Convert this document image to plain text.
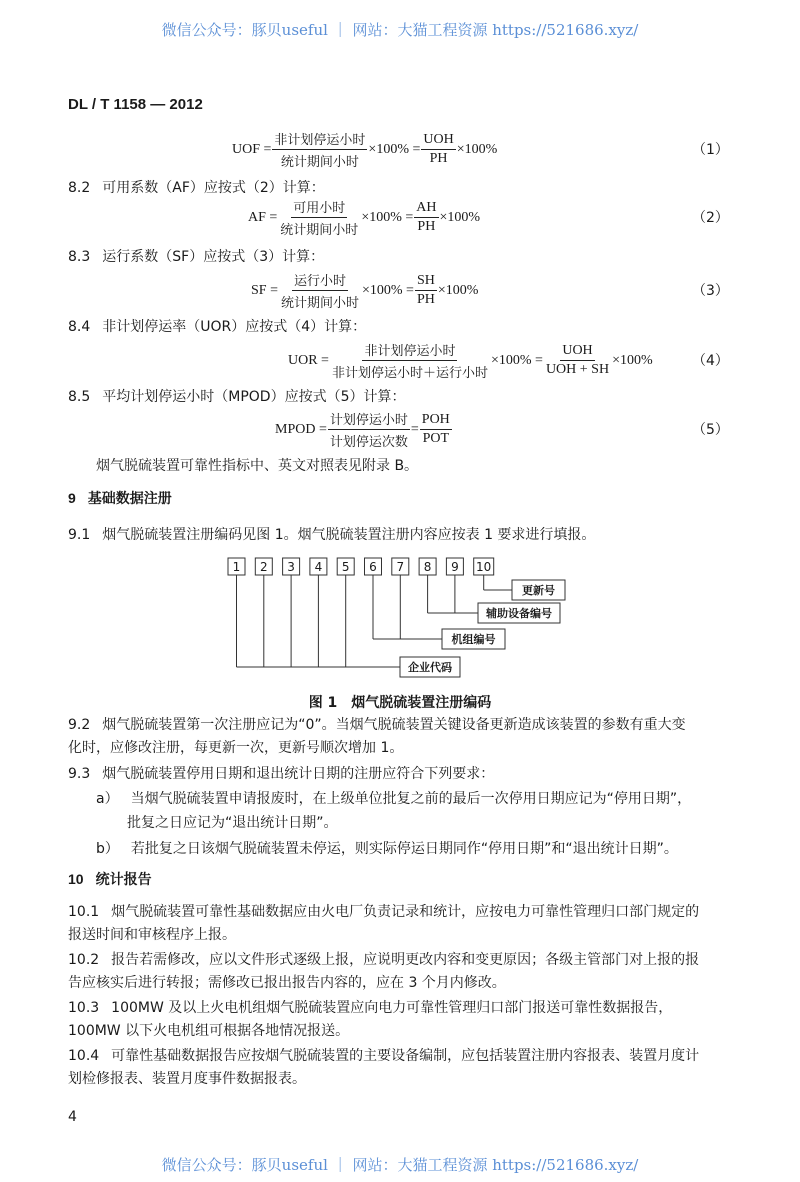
微信公众号：豚贝useful ｜ 网站：大猫工程资源 https://521686.xyz/
DL / T 1158 — 2012
UOF = $\frac{\text{非计划停运小时}}{\text{统计期间小时}} \times 100\% = \frac{\text{UOH}}{PH} \times 100\%$	（1）
AF = $\frac{\text{可用小时}}{\text{统计期间小时}} \times 100\% = \frac{AH}{PH} \times 100\%$	（2）
SF = $\frac{\text{运行小时}}{\text{统计期间小时}} \times 100\% = \frac{SH}{PH} \times 100\%$	（3）
UOR = $\frac{\text{非计划停运小时}}{\text{非计划停运小时＋运行小时}} \times 100\% = \frac{\text{UOH}}{\text{UOH + SH}} \times 100\%$	（4）
MPOD = $\frac{\text{计划停运小时}}{\text{计划停运次数}} = \frac{\text{POH}}{\text{POT}}$	（5）
8.2 可用系数（AF）应按式（2）计算：
8.3 运行系数（SF）应按式（3）计算：
8.4 非计划停运率（UOR）应按式（4）计算：
8.5 平均计划停运小时（MPOD）应按式（5）计算：
烟气脱硫装置可靠性指标中、英文对照表见附录 B。
9 基础数据注册
9.1 烟气脱硫装置注册编码见图 1。烟气脱硫装置注册内容应按表 1 要求进行填报。
图 1　烟气脱硫装置注册编码
1 2 3 4 5 6 7 8 9 10
企业代码
机组编号
辅助设备编号
更新号
9.2 烟气脱硫装置第一次注册应记为“0”。当烟气脱硫装置关键设备更新造成该装置的参数有重大变
化时，应修改注册，每更新一次，更新号顺次增加 1。
9.3 烟气脱硫装置停用日期和退出统计日期的注册应符合下列要求：
a） 当烟气脱硫装置申请报废时，在上级单位批复之前的最后一次停用日期应记为“停用日期”，
批复之日应记为“退出统计日期”。
b） 若批复之日该烟气脱硫装置未停运，则实际停运日期同作“停用日期”和“退出统计日期”。
10 统计报告
10.1 烟气脱硫装置可靠性基础数据应由火电厂负责记录和统计，应按电力可靠性管理归口部门规定的
报送时间和审核程序上报。
10.2 报告若需修改，应以文件形式逐级上报，应说明更改内容和变更原因；各级主管部门对上报的报
告应核实后进行转报；需修改已报出报告内容的，应在 3 个月内修改。
10.3 100MW 及以上火电机组烟气脱硫装置应向电力可靠性管理归口部门报送可靠性数据报告，
100MW 以下火电机组可根据各地情况报送。
10.4 可靠性基础数据报告应按烟气脱硫装置的主要设备编制，应包括装置注册内容报表、装置月度计
划检修报表、装置月度事件数据报表。
4
微信公众号：豚贝useful ｜ 网站：大猫工程资源 https://521686.xyz/
